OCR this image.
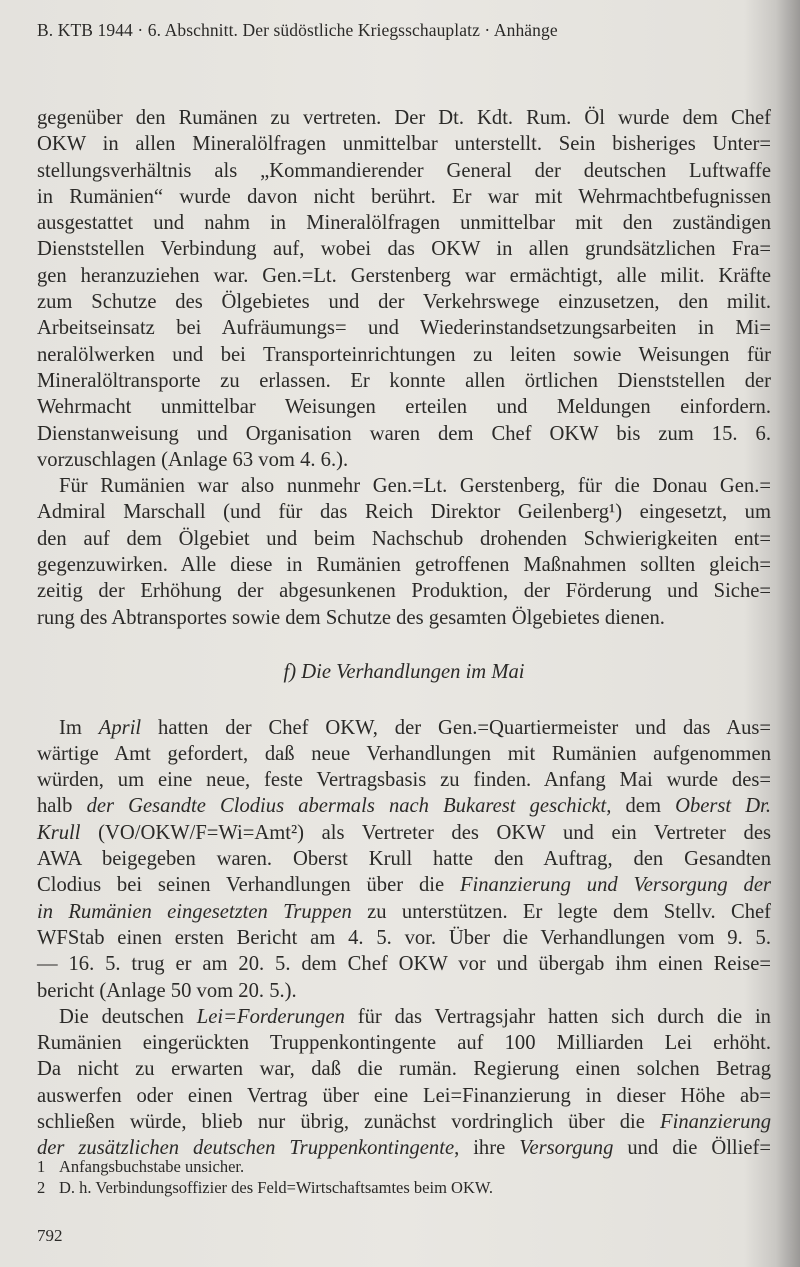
B. KTB 1944 · 6. Abschnitt. Der südöstliche Kriegsschauplatz · Anhänge
gegenüber den Rumänen zu vertreten. Der Dt. Kdt. Rum. Öl wurde dem Chef
OKW in allen Mineralölfragen unmittelbar unterstellt. Sein bisheriges Unter=
stellungsverhältnis als „Kommandierender General der deutschen Luftwaffe
in Rumänien“ wurde davon nicht berührt. Er war mit Wehrmachtbefugnissen
ausgestattet und nahm in Mineralölfragen unmittelbar mit den zuständigen
Dienststellen Verbindung auf, wobei das OKW in allen grundsätzlichen Fra=
gen heranzuziehen war. Gen.=Lt. Gerstenberg war ermächtigt, alle milit. Kräfte
zum Schutze des Ölgebietes und der Verkehrswege einzusetzen, den milit.
Arbeitseinsatz bei Aufräumungs= und Wiederinstandsetzungsarbeiten in Mi=
neralölwerken und bei Transporteinrichtungen zu leiten sowie Weisungen für
Mineralöltransporte zu erlassen. Er konnte allen örtlichen Dienststellen der
Wehrmacht unmittelbar Weisungen erteilen und Meldungen einfordern.
Dienstanweisung und Organisation waren dem Chef OKW bis zum 15. 6.
vorzuschlagen (Anlage 63 vom 4. 6.).
Für Rumänien war also nunmehr Gen.=Lt. Gerstenberg, für die Donau Gen.=
Admiral Marschall (und für das Reich Direktor Geilenberg¹) eingesetzt, um
den auf dem Ölgebiet und beim Nachschub drohenden Schwierigkeiten ent=
gegenzuwirken. Alle diese in Rumänien getroffenen Maßnahmen sollten gleich=
zeitig der Erhöhung der abgesunkenen Produktion, der Förderung und Siche=
rung des Abtransportes sowie dem Schutze des gesamten Ölgebietes dienen.
f) Die Verhandlungen im Mai
Im April hatten der Chef OKW, der Gen.=Quartiermeister und das Aus=
wärtige Amt gefordert, daß neue Verhandlungen mit Rumänien aufgenommen
würden, um eine neue, feste Vertragsbasis zu finden. Anfang Mai wurde des=
halb der Gesandte Clodius abermals nach Bukarest geschickt, dem Oberst Dr.
Krull (VO/OKW/F=Wi=Amt²) als Vertreter des OKW und ein Vertreter des
AWA beigegeben waren. Oberst Krull hatte den Auftrag, den Gesandten
Clodius bei seinen Verhandlungen über die Finanzierung und Versorgung der
in Rumänien eingesetzten Truppen zu unterstützen. Er legte dem Stellv. Chef
WFStab einen ersten Bericht am 4. 5. vor. Über die Verhandlungen vom 9. 5.
— 16. 5. trug er am 20. 5. dem Chef OKW vor und übergab ihm einen Reise=
bericht (Anlage 50 vom 20. 5.).
Die deutschen Lei=Forderungen für das Vertragsjahr hatten sich durch die in
Rumänien eingerückten Truppenkontingente auf 100 Milliarden Lei erhöht.
Da nicht zu erwarten war, daß die rumän. Regierung einen solchen Betrag
auswerfen oder einen Vertrag über eine Lei=Finanzierung in dieser Höhe ab=
schließen würde, blieb nur übrig, zunächst vordringlich über die Finanzierung
der zusätzlichen deutschen Truppenkontingente, ihre Versorgung und die Öllief=
1 Anfangsbuchstabe unsicher.
2 D. h. Verbindungsoffizier des Feld=Wirtschaftsamtes beim OKW.
792
